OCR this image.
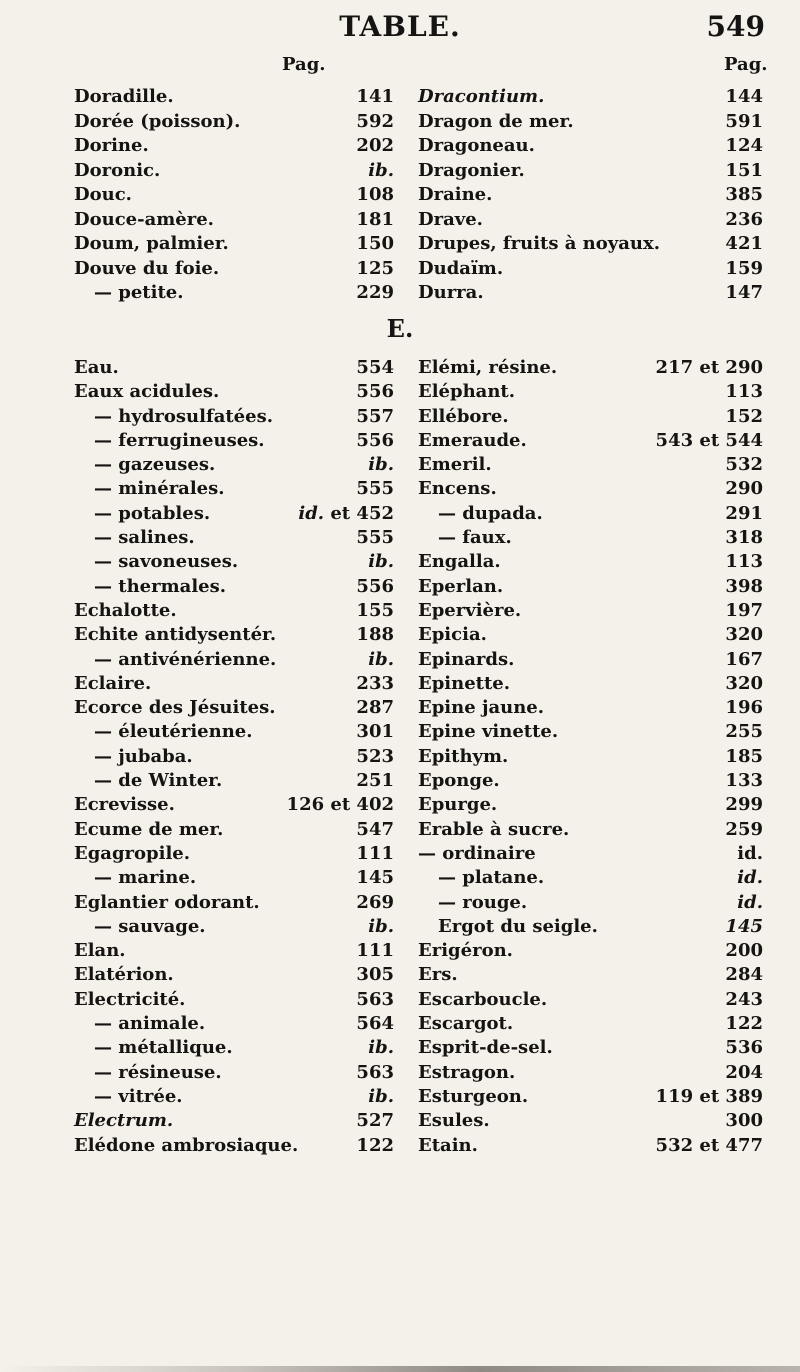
TABLE.	549
Pag.	Pag.
Doradille.	141
Dorée (poisson).	592
Dorine.	202
Doronic.	ib.
Douc.	108
Douce-amère.	181
Doum, palmier.	150
Douve du foie.	125
— petite.	229
Dracontium.	144
Dragon de mer.	591
Dragoneau.	124
Dragonier.	151
Draine.	385
Drave.	236
Drupes, fruits à noyaux.	421
Dudaïm.	159
Durra.	147
E.
Eau.	554
Eaux acidules.	556
— hydrosulfatées.	557
— ferrugineuses.	556
— gazeuses.	ib.
— minérales.	555
— potables.	id. et 452
— salines.	555
— savoneuses.	ib.
— thermales.	556
Echalotte.	155
Echite antidysentér.	188
— antivénérienne.	ib.
Eclaire.	233
Ecorce des Jésuites.	287
— éleutérienne.	301
— jubaba.	523
— de Winter.	251
Ecrevisse.	126 et 402
Ecume de mer.	547
Egagropile.	111
— marine.	145
Eglantier odorant.	269
— sauvage.	ib.
Elan.	111
Elatérion.	305
Electricité.	563
— animale.	564
— métallique.	ib.
— résineuse.	563
— vitrée.	ib.
Electrum.	527
Elédone ambrosiaque.	122
Elémi, résine.	217 et 290
Eléphant.	113
Ellébore.	152
Emeraude.	543 et 544
Emeril.	532
Encens.	290
— dupada.	291
— faux.	318
Engalla.	113
Eperlan.	398
Epervière.	197
Epicia.	320
Epinards.	167
Epinette.	320
Epine jaune.	196
Epine vinette.	255
Epithym.	185
Eponge.	133
Epurge.	299
Erable à sucre.	259
— ordinaire	id.
— platane.	id.
— rouge.	id.
Ergot du seigle.	145
Erigéron.	200
Ers.	284
Escarboucle.	243
Escargot.	122
Esprit-de-sel.	536
Estragon.	204
Esturgeon.	119 et 389
Esules.	300
Etain.	532 et 477
